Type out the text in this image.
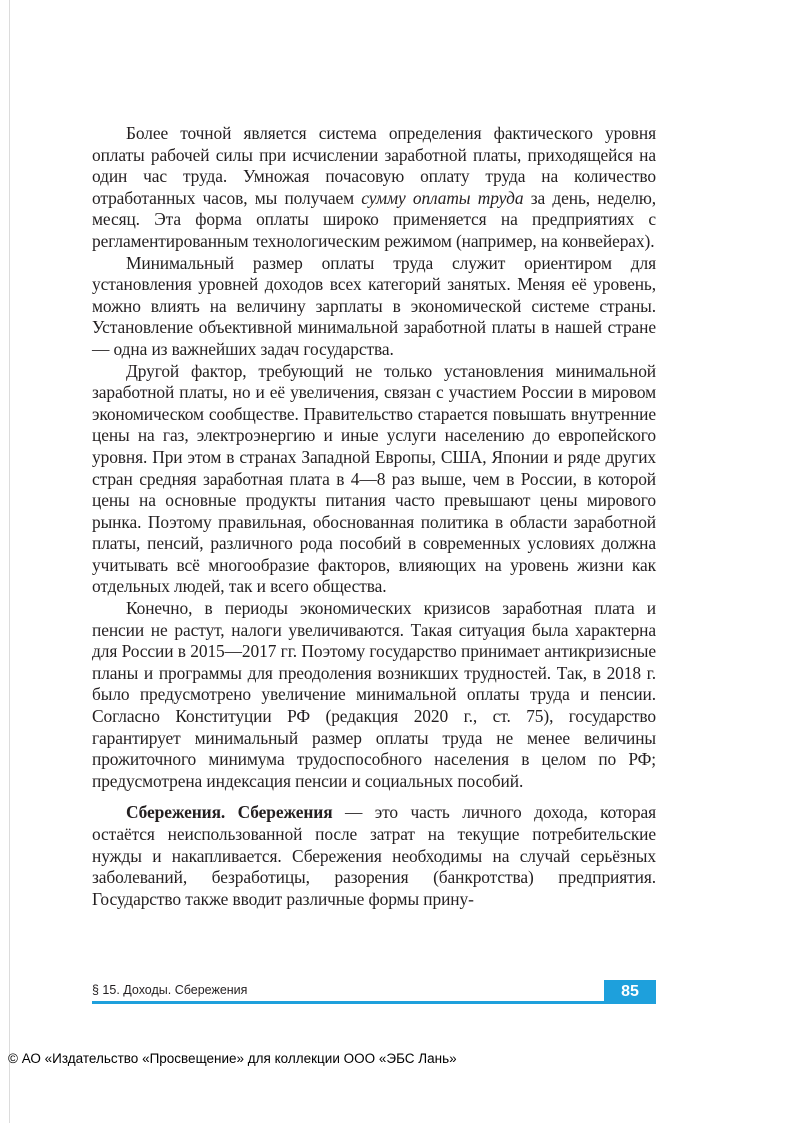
Более точной является система определения фактического уровня оплаты рабочей силы при исчислении заработной платы, приходящейся на один час труда. Умножая почасовую оплату труда на количество отработанных часов, мы получаем сумму оплаты труда за день, неделю, месяц. Эта форма оплаты широко применяется на предприятиях с регламентированным технологическим режимом (например, на конвейерах).

Минимальный размер оплаты труда служит ориентиром для установления уровней доходов всех категорий занятых. Меняя её уровень, можно влиять на величину зарплаты в экономической системе страны. Установление объективной минимальной заработной платы в нашей стране — одна из важнейших задач государства.

Другой фактор, требующий не только установления минимальной заработной платы, но и её увеличения, связан с участием России в мировом экономическом сообществе. Правительство старается повышать внутренние цены на газ, электроэнергию и иные услуги населению до европейского уровня. При этом в странах Западной Европы, США, Японии и ряде других стран средняя заработная плата в 4—8 раз выше, чем в России, в которой цены на основные продукты питания часто превышают цены мирового рынка. Поэтому правильная, обоснованная политика в области заработной платы, пенсий, различного рода пособий в современных условиях должна учитывать всё многообразие факторов, влияющих на уровень жизни как отдельных людей, так и всего общества.

Конечно, в периоды экономических кризисов заработная плата и пенсии не растут, налоги увеличиваются. Такая ситуация была характерна для России в 2015—2017 гг. Поэтому государство принимает антикризисные планы и программы для преодоления возникших трудностей. Так, в 2018 г. было предусмотрено увеличение минимальной оплаты труда и пенсии. Согласно Конституции РФ (редакция 2020 г., ст. 75), государство гарантирует минимальный размер оплаты труда не менее величины прожиточного минимума трудоспособного населения в целом по РФ; предусмотрена индексация пенсии и социальных пособий.

Сбережения. Сбережения — это часть личного дохода, которая остаётся неиспользованной после затрат на текущие потребительские нужды и накапливается. Сбережения необходимы на случай серьёзных заболеваний, безработицы, разорения (банкротства) предприятия. Государство также вводит различные формы прину-

§ 15. Доходы. Сбережения	85
© АО «Издательство «Просвещение» для коллекции ООО «ЭБС Лань»
